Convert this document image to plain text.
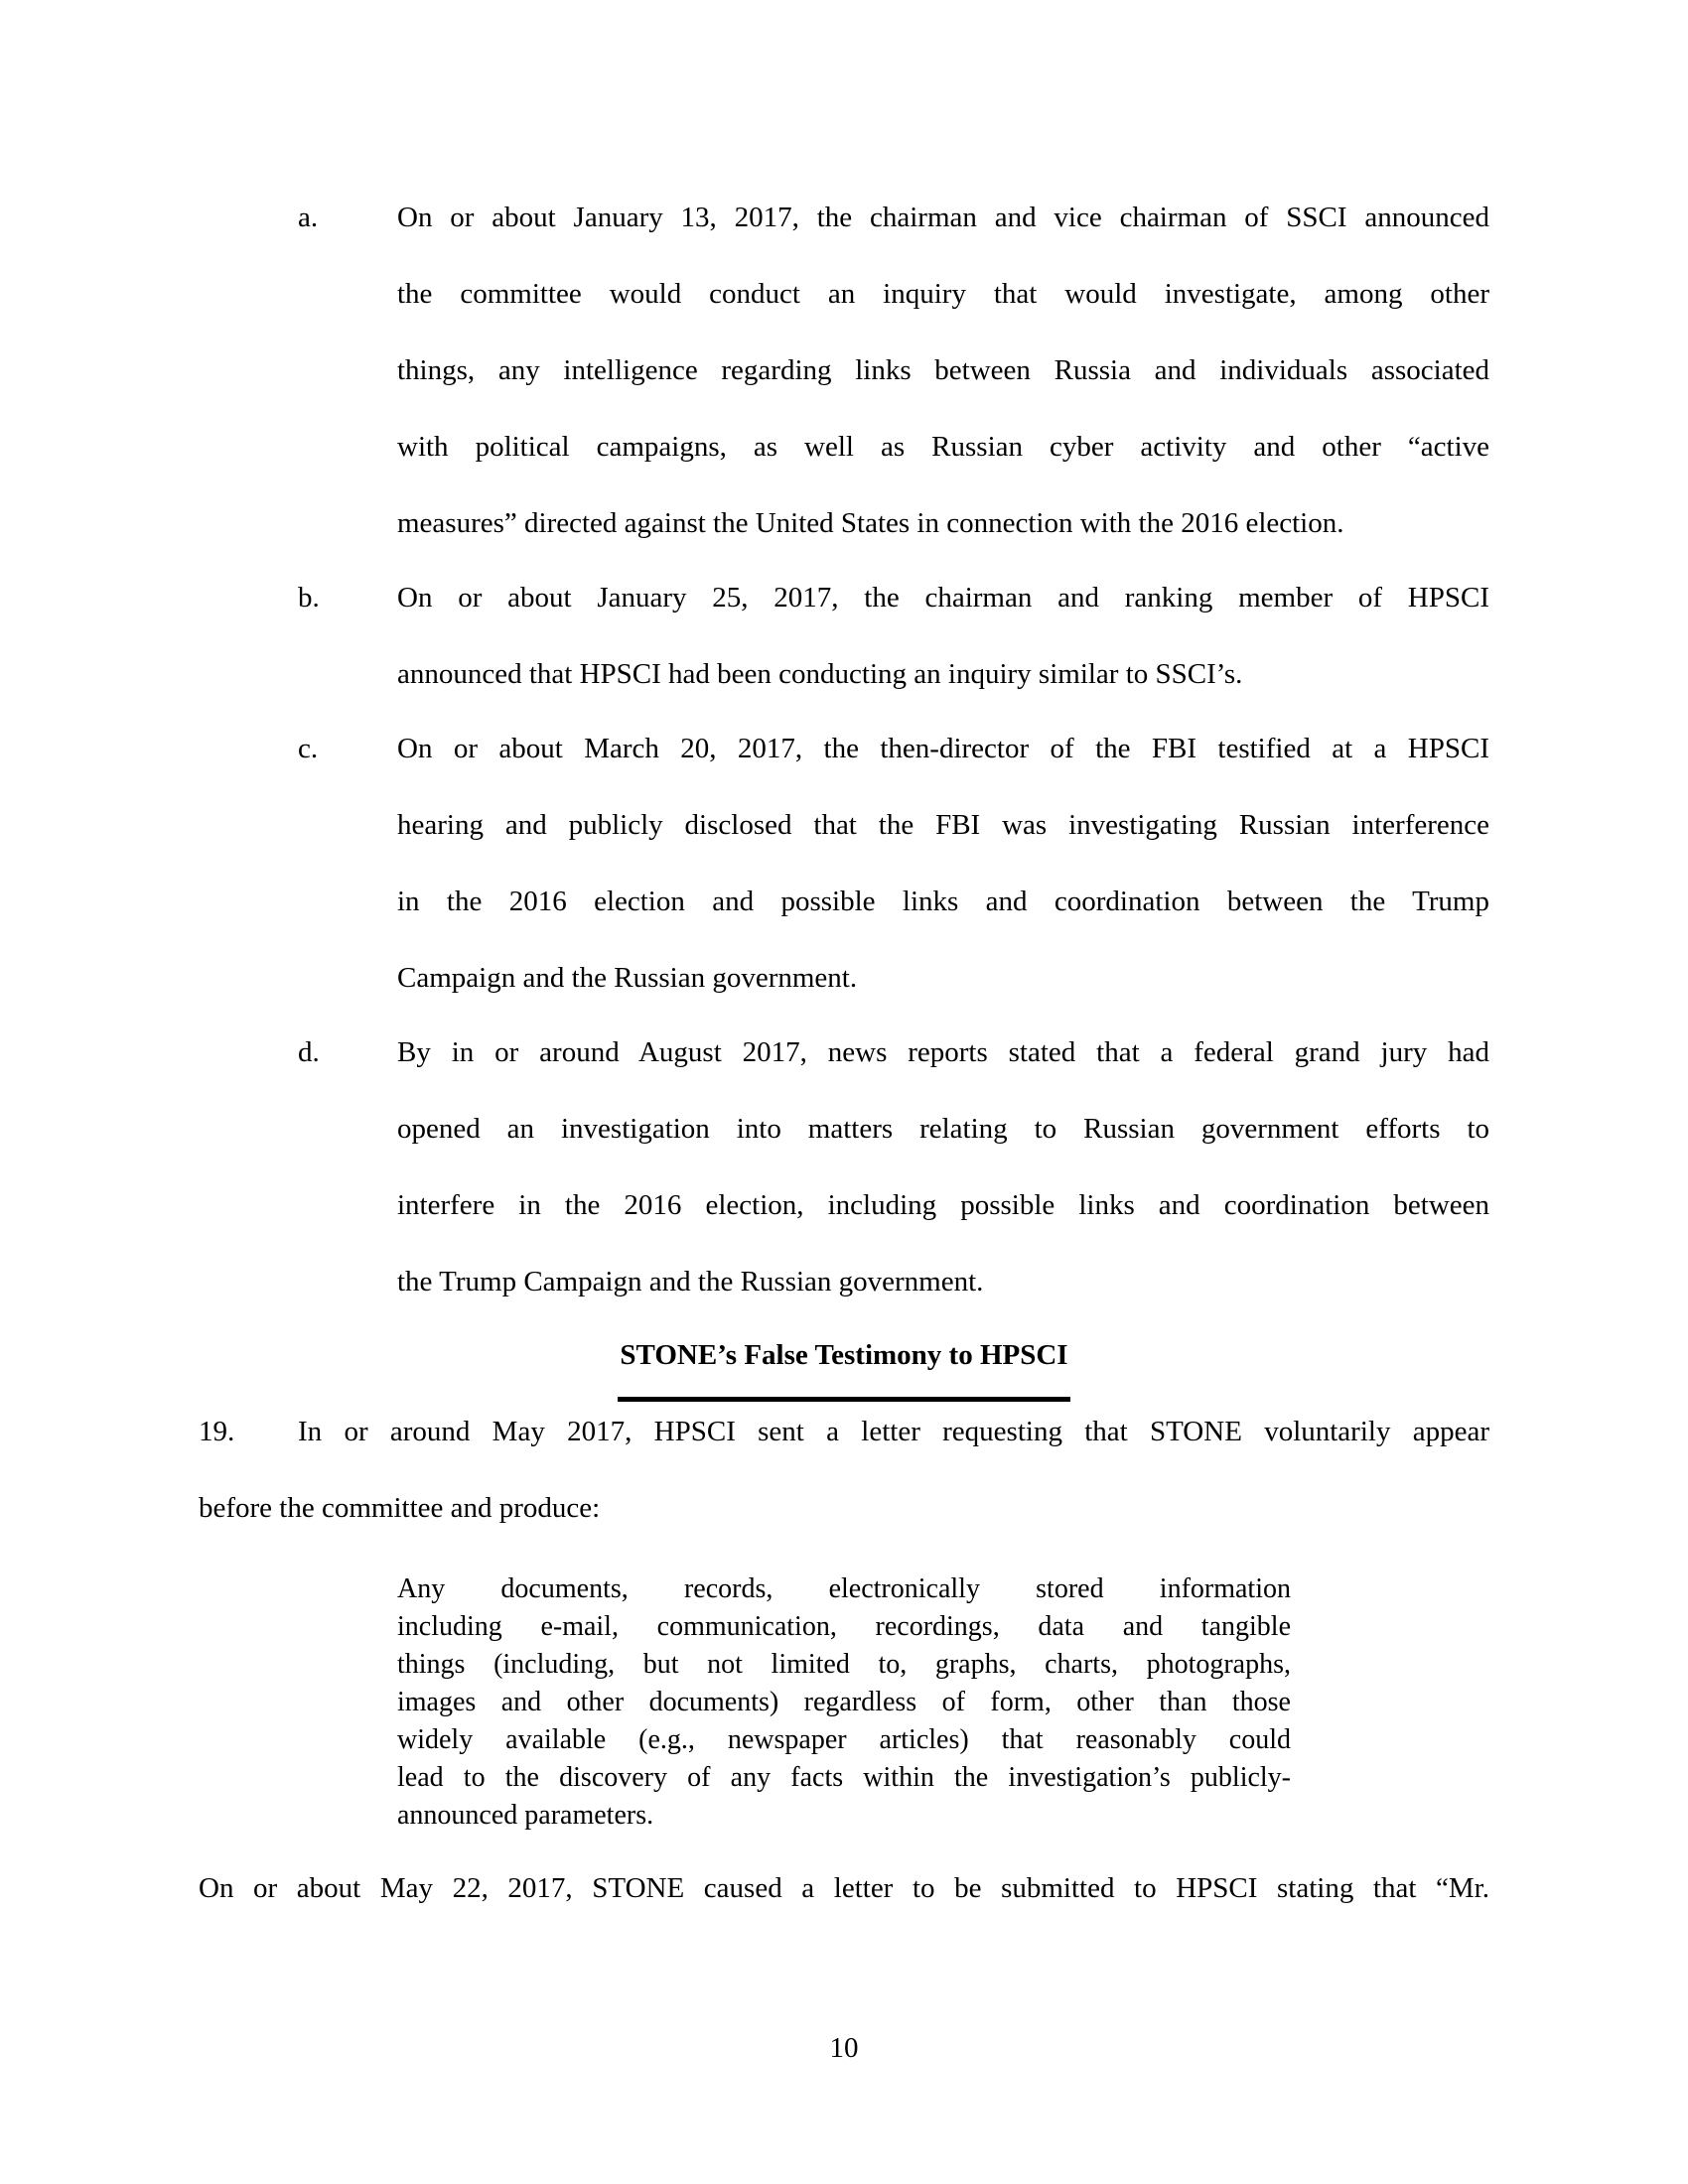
a.	On or about January 13, 2017, the chairman and vice chairman of SSCI announced
the committee would conduct an inquiry that would investigate, among other
things, any intelligence regarding links between Russia and individuals associated
with political campaigns, as well as Russian cyber activity and other “active
measures” directed against the United States in connection with the 2016 election.
b.	On or about January 25, 2017, the chairman and ranking member of HPSCI
announced that HPSCI had been conducting an inquiry similar to SSCI’s.
c.	On or about March 20, 2017, the then-director of the FBI testified at a HPSCI
hearing and publicly disclosed that the FBI was investigating Russian interference
in the 2016 election and possible links and coordination between the Trump
Campaign and the Russian government.
d.	By in or around August 2017, news reports stated that a federal grand jury had
opened an investigation into matters relating to Russian government efforts to
interfere in the 2016 election, including possible links and coordination between
the Trump Campaign and the Russian government.
STONE’s False Testimony to HPSCI
19. In or around May 2017, HPSCI sent a letter requesting that STONE voluntarily appear
before the committee and produce:
Any documents, records, electronically stored information
including e-mail, communication, recordings, data and tangible
things (including, but not limited to, graphs, charts, photographs,
images and other documents) regardless of form, other than those
widely available (e.g., newspaper articles) that reasonably could
lead to the discovery of any facts within the investigation’s publicly-
announced parameters.
On or about May 22, 2017, STONE caused a letter to be submitted to HPSCI stating that “Mr.
10
